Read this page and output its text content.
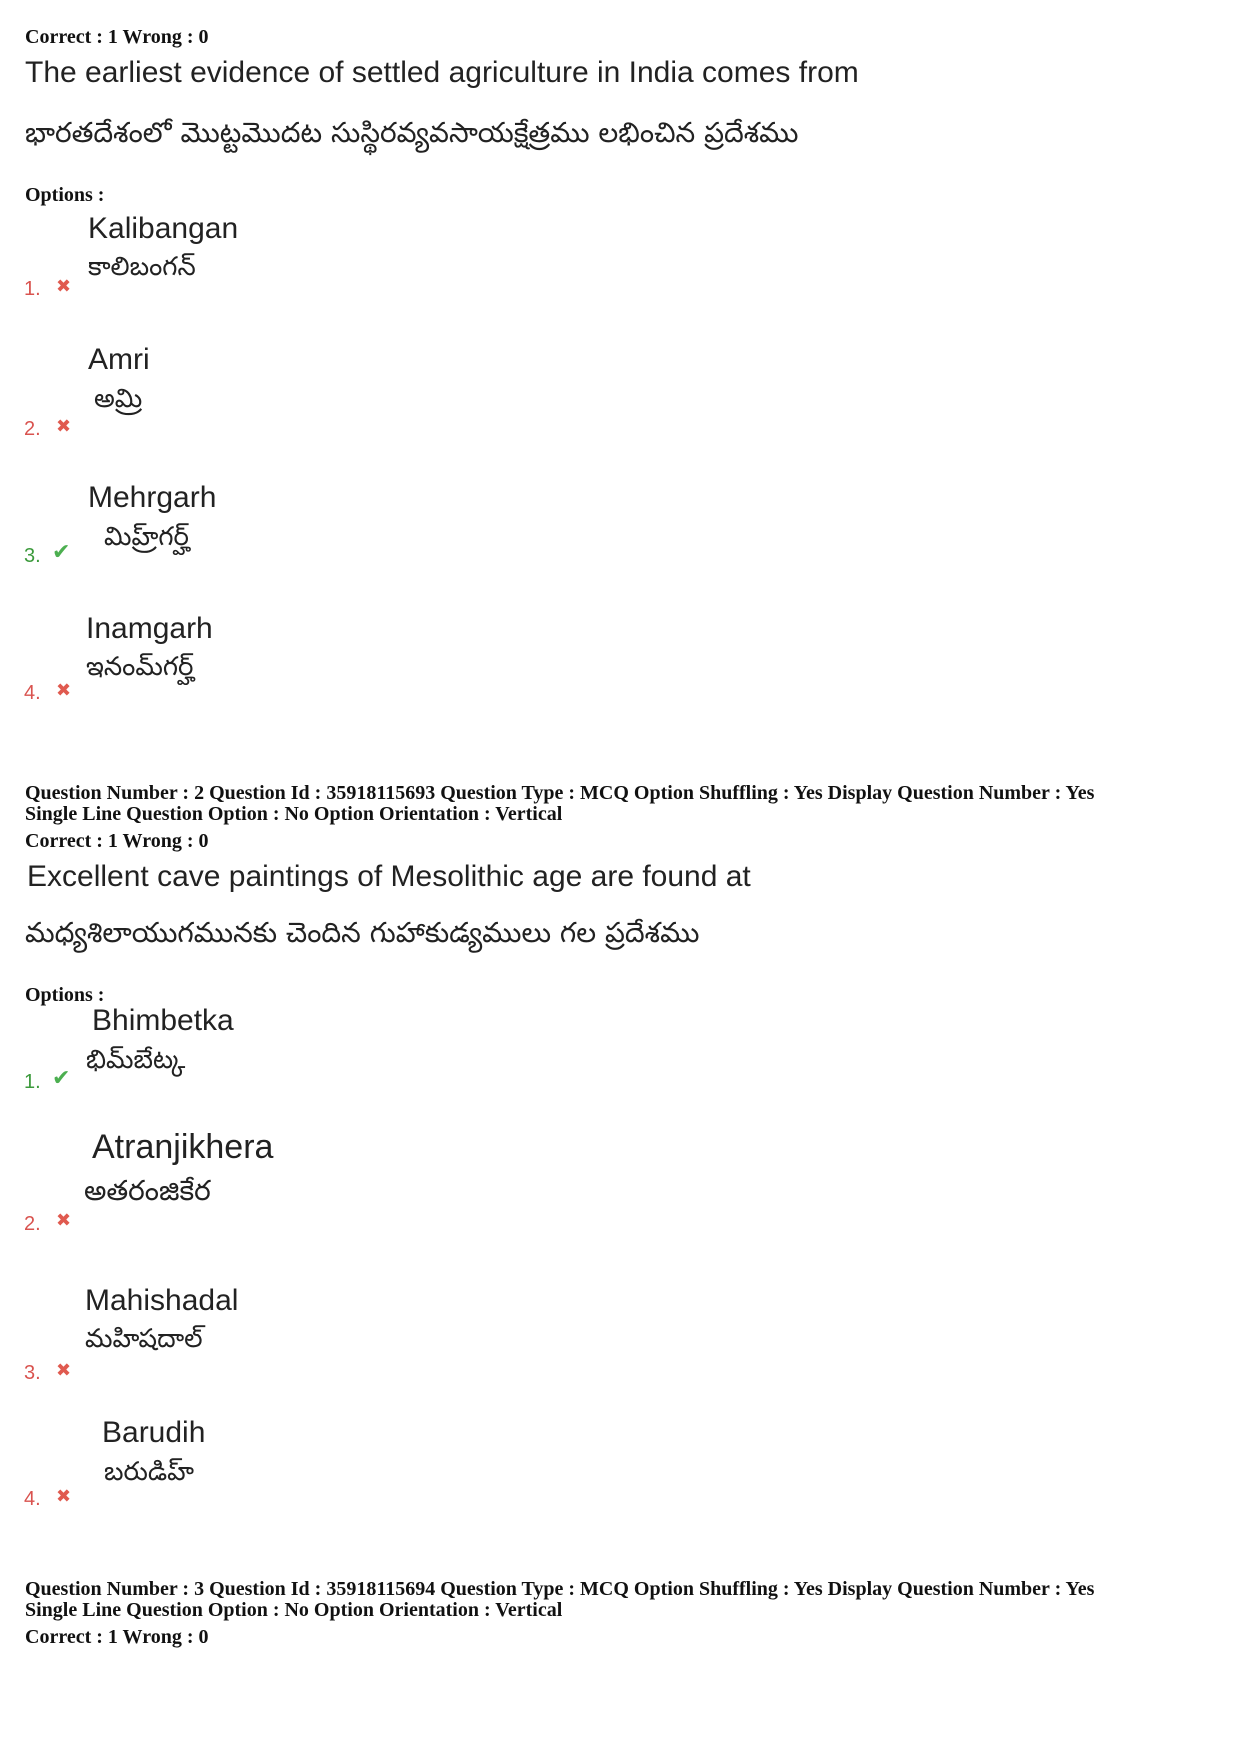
Correct : 1 Wrong : 0
The earliest evidence of settled agriculture in India comes from
భారతదేశంలో మొట్టమొదట సుస్థిరవ్యవసాయక్షేత్రము లభించిన ప్రదేశము
Options :
Kalibangan
కాలిబంగన్
1. ✖
Amri
అమ్రి
2. ✖
Mehrgarh
మిహ్ర్‌గర్హ్
3. ✔
Inamgarh
ఇనంమ్‌గర్హ్
4. ✖
Question Number : 2 Question Id : 35918115693 Question Type : MCQ Option Shuffling : Yes Display Question Number : Yes
Single Line Question Option : No Option Orientation : Vertical
Correct : 1 Wrong : 0
Excellent cave paintings of Mesolithic age are found at
మధ్యశిలాయుగమునకు చెందిన గుహాకుడ్యములు గల ప్రదేశము
Options :
Bhimbetka
భిమ్‌బేట్క
1. ✔
Atranjikhera
అతరంజికేర
2. ✖
Mahishadal
మహిషదాల్
3. ✖
Barudih
బరుడిహ్
4. ✖
Question Number : 3 Question Id : 35918115694 Question Type : MCQ Option Shuffling : Yes Display Question Number : Yes
Single Line Question Option : No Option Orientation : Vertical
Correct : 1 Wrong : 0
